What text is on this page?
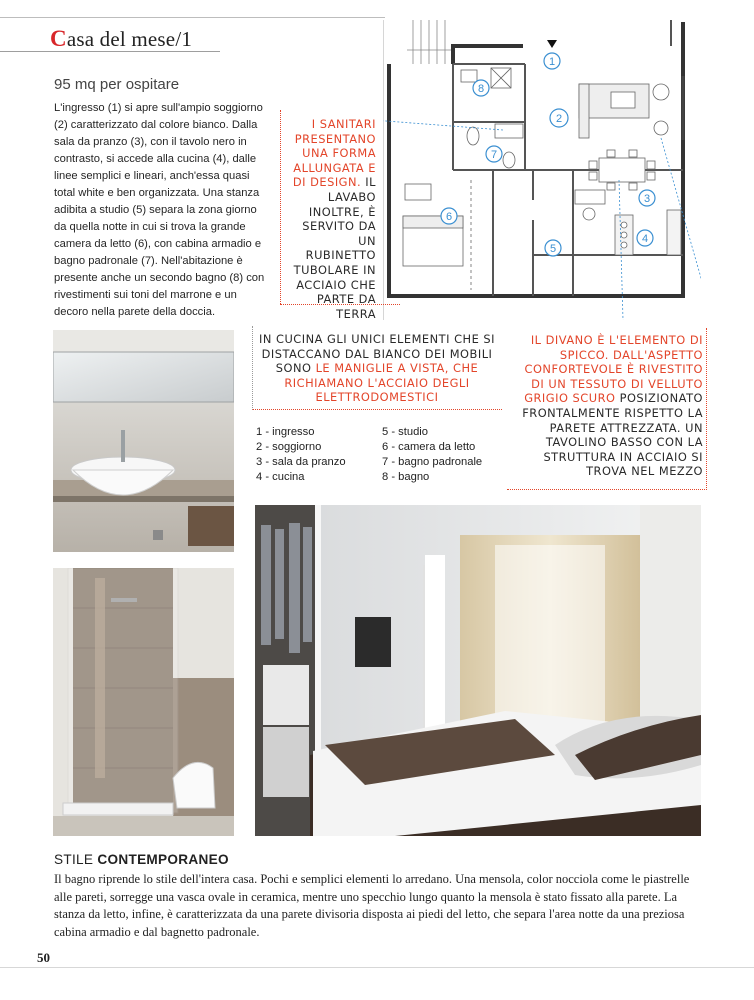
Casa del mese/1
95 mq per ospitare

L'ingresso (1) si apre sull'ampio soggiorno (2) caratterizzato dal colore bianco. Dalla sala da pranzo (3), con il tavolo nero in contrasto, si accede alla cucina (4), dalle linee semplici e lineari, anch'essa quasi total white e ben organizzata. Una stanza adibita a studio (5) separa la zona giorno da quella notte in cui si trova la grande camera da letto (6), con cabina armadio e bagno padronale (7). Nell'abitazione è presente anche un secondo bagno (8) con rivestimenti sui toni del marrone e un decoro nella parete della doccia.

1
2
3
4
5
6
7
8
I SANITARI PRESENTANO UNA FORMA ALLUNGATA E DI DESIGN. IL LAVABO INOLTRE, È SERVITO DA UN RUBINETTO TUBOLARE IN ACCIAIO CHE PARTE DA TERRA
IN CUCINA GLI UNICI ELEMENTI CHE SI DISTACCANO DAL BIANCO DEI MOBILI SONO LE MANIGLIE A VISTA, CHE RICHIAMANO L'ACCIAIO DEGLI ELETTRODOMESTICI
IL DIVANO È L'ELEMENTO DI SPICCO. DALL'ASPETTO CONFORTEVOLE È RIVESTITO DI UN TESSUTO DI VELLUTO GRIGIO SCURO POSIZIONATO FRONTALMENTE RISPETTO LA PARETE ATTREZZATA. UN TAVOLINO BASSO CON LA STRUTTURA IN ACCIAIO SI TROVA NEL MEZZO
1 - ingresso	5 - studio
2 - soggiorno	6 - camera da letto
3 - sala da pranzo	7 - bagno padronale
4 - cucina	8 - bagno
STILE CONTEMPORANEO

Il bagno riprende lo stile dell'intera casa. Pochi e semplici elementi lo arredano. Una mensola, color nocciola come le piastrelle alle pareti, sorregge una vasca ovale in ceramica, mentre uno specchio lungo quanto la mensola è stato fissato alla parete. La stanza da letto, infine, è caratterizzata da una parete divisoria disposta ai piedi del letto, che separa l'area notte da una preziosa cabina armadio e dal bagnetto padronale.

50
